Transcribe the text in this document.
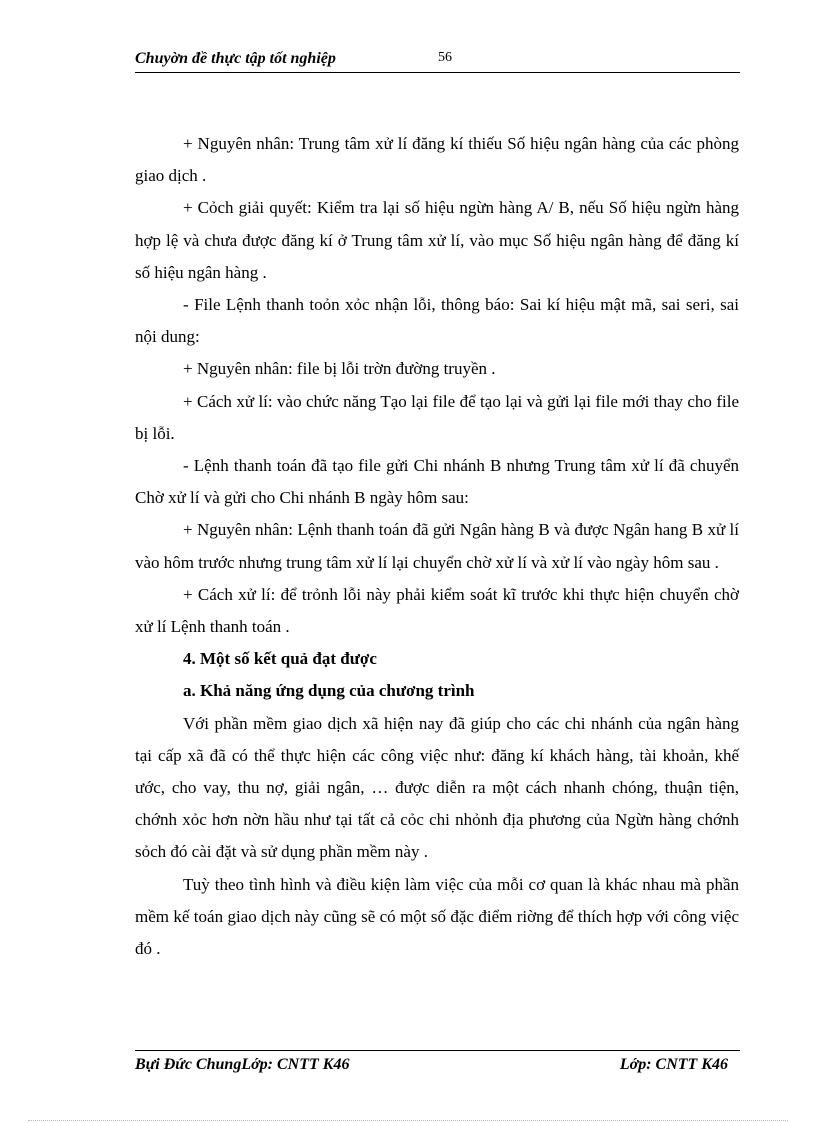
Chuyờn đề thực tập tốt nghiệp	56

+ Nguyên nhân: Trung tâm xử lí đăng kí thiếu Số hiệu ngân hàng của các phòng giao dịch .

+ Cỏch giải quyết: Kiểm tra lại số hiệu ngừn hàng A/ B, nếu Số hiệu ngừn hàng hợp lệ và chưa được đăng kí ở Trung tâm xử lí, vào mục Số hiệu ngân hàng để đăng kí số hiệu ngân hàng .

- File Lệnh thanh toỏn xỏc nhận lỗi, thông báo: Sai kí hiệu mật mã, sai seri, sai nội dung:

+ Nguyên nhân: file bị lỗi trờn đường truyền .

+ Cách xử lí: vào chức năng Tạo lại file để tạo lại và gửi lại file mới thay cho file bị lỗi.

- Lệnh thanh toán đã tạo file gửi Chi nhánh B nhưng Trung tâm xử lí đã chuyển Chờ xử lí và gửi cho Chi nhánh B ngày hôm sau:

+ Nguyên nhân: Lệnh thanh toán đã gửi Ngân hàng B và được Ngân hang B xử lí vào hôm trước nhưng trung tâm xử lí lại chuyển chờ xử lí và xử lí vào ngày hôm sau .

+ Cách xử lí: để trỏnh lỗi này phải kiểm soát kĩ trước khi thực hiện chuyển chờ xử lí Lệnh thanh toán .

4. Một số kết quả đạt được

a. Khả năng ứng dụng của chương trình

Với phần mềm giao dịch xã hiện nay đã giúp cho các chi nhánh của ngân hàng tại cấp xã đã có thể thực hiện các công việc như: đăng kí khách hàng, tài khoản, khế ước, cho vay, thu nợ, giải ngân, … được diễn ra một cách nhanh chóng, thuận tiện, chớnh xỏc hơn nờn hầu như tại tất cả cỏc chi nhỏnh địa phương của Ngừn hàng chớnh sỏch đó cài đặt và sử dụng phần mềm này .

Tuỳ theo tình hình và điều kiện làm việc của mỗi cơ quan là khác nhau mà phần mềm kế toán giao dịch này cũng sẽ có một số đặc điểm riờng để thích hợp với công việc đó .

Bựi Đức ChungLớp: CNTT K46	Lớp: CNTT K46
